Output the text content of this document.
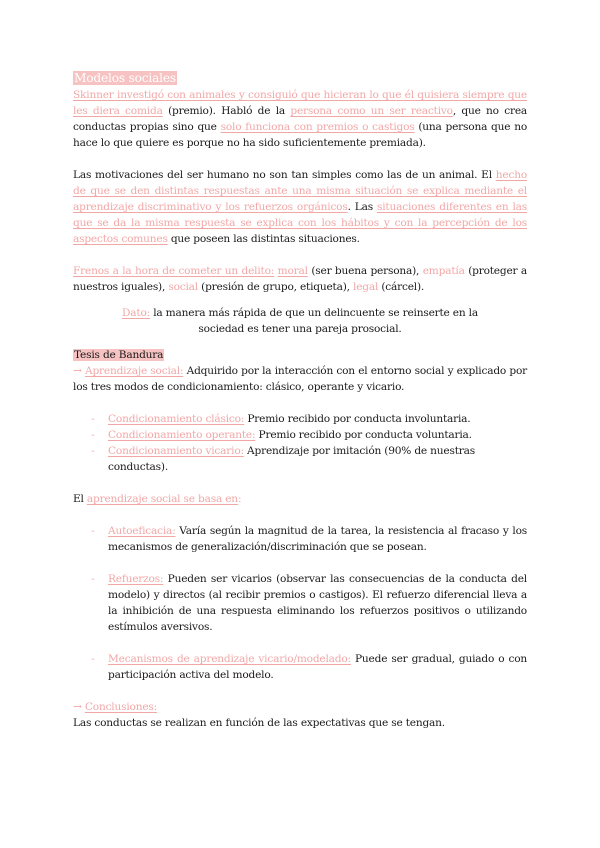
Modelos sociales

Skinner investigó con animales y consiguió que hicieran lo que él quisiera siempre que les diera comida (premio). Habló de la persona como un ser reactivo, que no crea conductas propias sino que solo funciona con premios o castigos (una persona que no hace lo que quiere es porque no ha sido suficientemente premiada).

Las motivaciones del ser humano no son tan simples como las de un animal. El hecho de que se den distintas respuestas ante una misma situación se explica mediante el aprendizaje discriminativo y los refuerzos orgánicos. Las situaciones diferentes en las que se da la misma respuesta se explica con los hábitos y con la percepción de los aspectos comunes que poseen las distintas situaciones.

Frenos a la hora de cometer un delito: moral (ser buena persona), empatía (proteger a nuestros iguales), social (presión de grupo, etiqueta), legal (cárcel).

Dato: la manera más rápida de que un delincuente se reinserte en la

sociedad es tener una pareja prosocial.

Tesis de Bandura

→ Aprendizaje social: Adquirido por la interacción con el entorno social y explicado por los tres modos de condicionamiento: clásico, operante y vicario.

- Condicionamiento clásico: Premio recibido por conducta involuntaria.
- Condicionamiento operante: Premio recibido por conducta voluntaria.
- Condicionamiento vicario: Aprendizaje por imitación (90% de nuestras conductas).

El aprendizaje social se basa en:

- Autoeficacia: Varía según la magnitud de la tarea, la resistencia al fracaso y los mecanismos de generalización/discriminación que se posean.
- Refuerzos: Pueden ser vicarios (observar las consecuencias de la conducta del modelo) y directos (al recibir premios o castigos). El refuerzo diferencial lleva a la inhibición de una respuesta eliminando los refuerzos positivos o utilizando estímulos aversivos.
- Mecanismos de aprendizaje vicario/modelado: Puede ser gradual, guiado o con participación activa del modelo.

→ Conclusiones:

Las conductas se realizan en función de las expectativas que se tengan.
